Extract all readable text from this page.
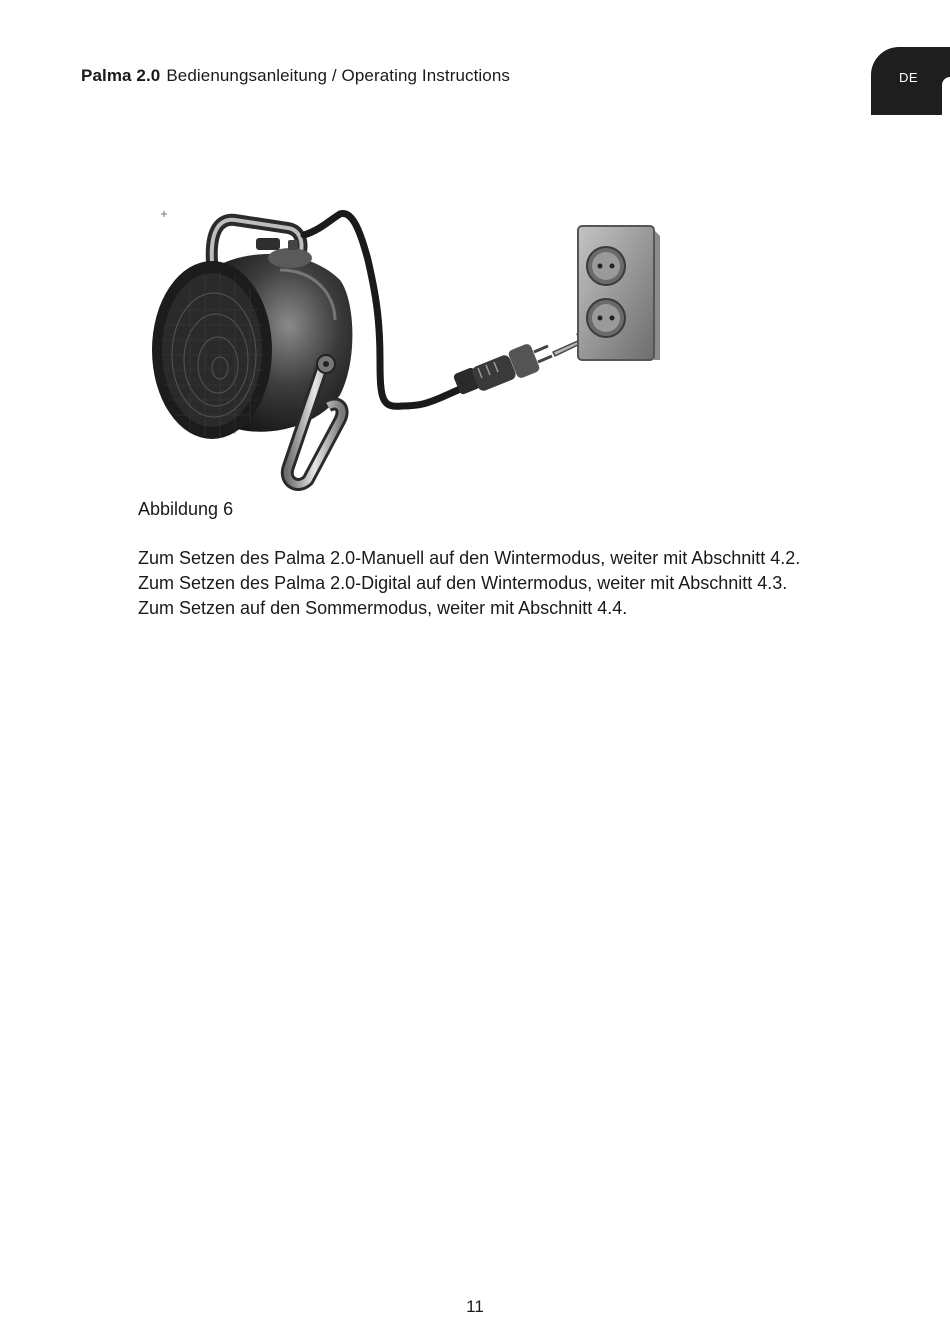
Palma 2.0 Bedienungsanleitung / Operating Instructions	DE
Abbildung 6

Zum Setzen des Palma 2.0-Manuell auf den Wintermodus, weiter mit Abschnitt 4.2.

Zum Setzen des Palma 2.0-Digital auf den Wintermodus, weiter mit Abschnitt 4.3.

Zum Setzen auf den Sommermodus, weiter mit Abschnitt 4.4.

11
